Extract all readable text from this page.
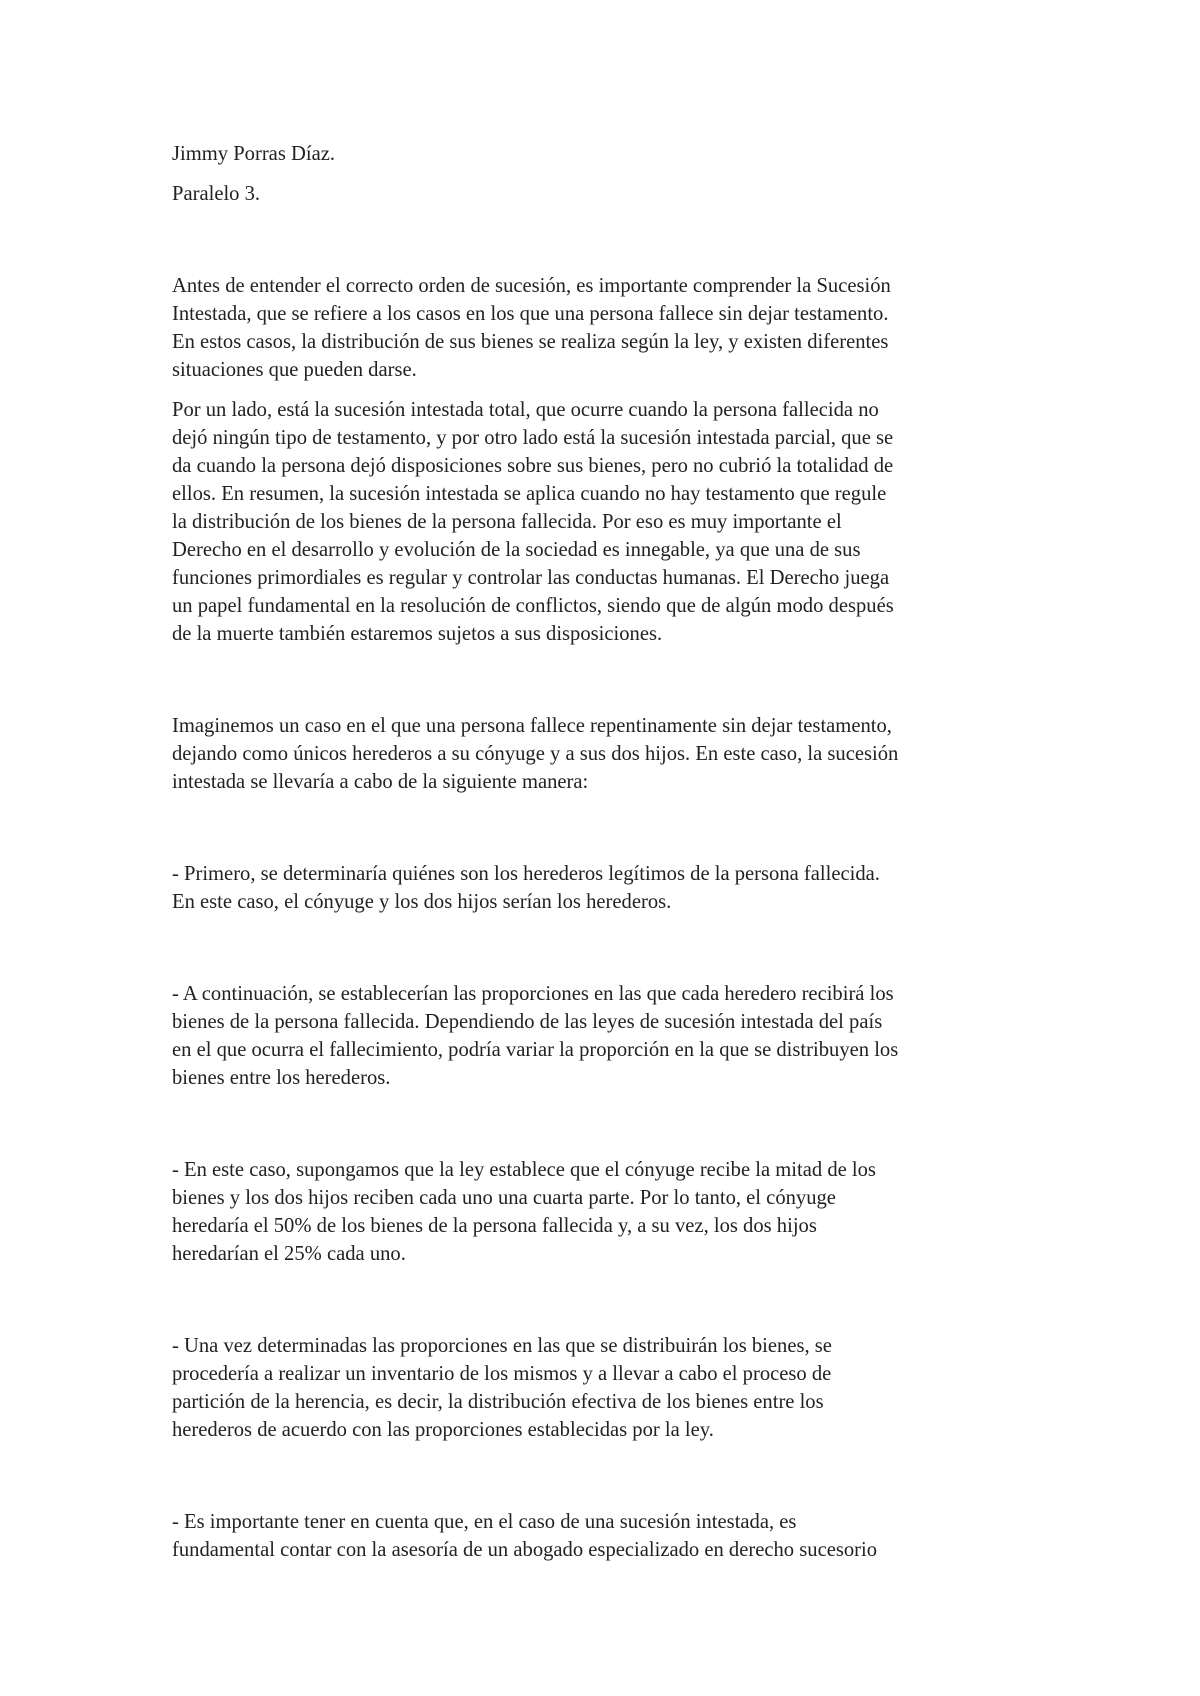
Jimmy Porras Díaz.

Paralelo 3.

Antes de entender el correcto orden de sucesión, es importante comprender la Sucesión
Intestada, que se refiere a los casos en los que una persona fallece sin dejar testamento.
En estos casos, la distribución de sus bienes se realiza según la ley, y existen diferentes
situaciones que pueden darse.

Por un lado, está la sucesión intestada total, que ocurre cuando la persona fallecida no
dejó ningún tipo de testamento, y por otro lado está la sucesión intestada parcial, que se
da cuando la persona dejó disposiciones sobre sus bienes, pero no cubrió la totalidad de
ellos. En resumen, la sucesión intestada se aplica cuando no hay testamento que regule
la distribución de los bienes de la persona fallecida. Por eso es muy importante el
Derecho en el desarrollo y evolución de la sociedad es innegable, ya que una de sus
funciones primordiales es regular y controlar las conductas humanas. El Derecho juega
un papel fundamental en la resolución de conflictos, siendo que de algún modo después
de la muerte también estaremos sujetos a sus disposiciones.

Imaginemos un caso en el que una persona fallece repentinamente sin dejar testamento,
dejando como únicos herederos a su cónyuge y a sus dos hijos. En este caso, la sucesión
intestada se llevaría a cabo de la siguiente manera:

- Primero, se determinaría quiénes son los herederos legítimos de la persona fallecida.
En este caso, el cónyuge y los dos hijos serían los herederos.

- A continuación, se establecerían las proporciones en las que cada heredero recibirá los
bienes de la persona fallecida. Dependiendo de las leyes de sucesión intestada del país
en el que ocurra el fallecimiento, podría variar la proporción en la que se distribuyen los
bienes entre los herederos.

- En este caso, supongamos que la ley establece que el cónyuge recibe la mitad de los
bienes y los dos hijos reciben cada uno una cuarta parte. Por lo tanto, el cónyuge
heredaría el 50% de los bienes de la persona fallecida y, a su vez, los dos hijos
heredarían el 25% cada uno.

- Una vez determinadas las proporciones en las que se distribuirán los bienes, se
procedería a realizar un inventario de los mismos y a llevar a cabo el proceso de
partición de la herencia, es decir, la distribución efectiva de los bienes entre los
herederos de acuerdo con las proporciones establecidas por la ley.

- Es importante tener en cuenta que, en el caso de una sucesión intestada, es
fundamental contar con la asesoría de un abogado especializado en derecho sucesorio
